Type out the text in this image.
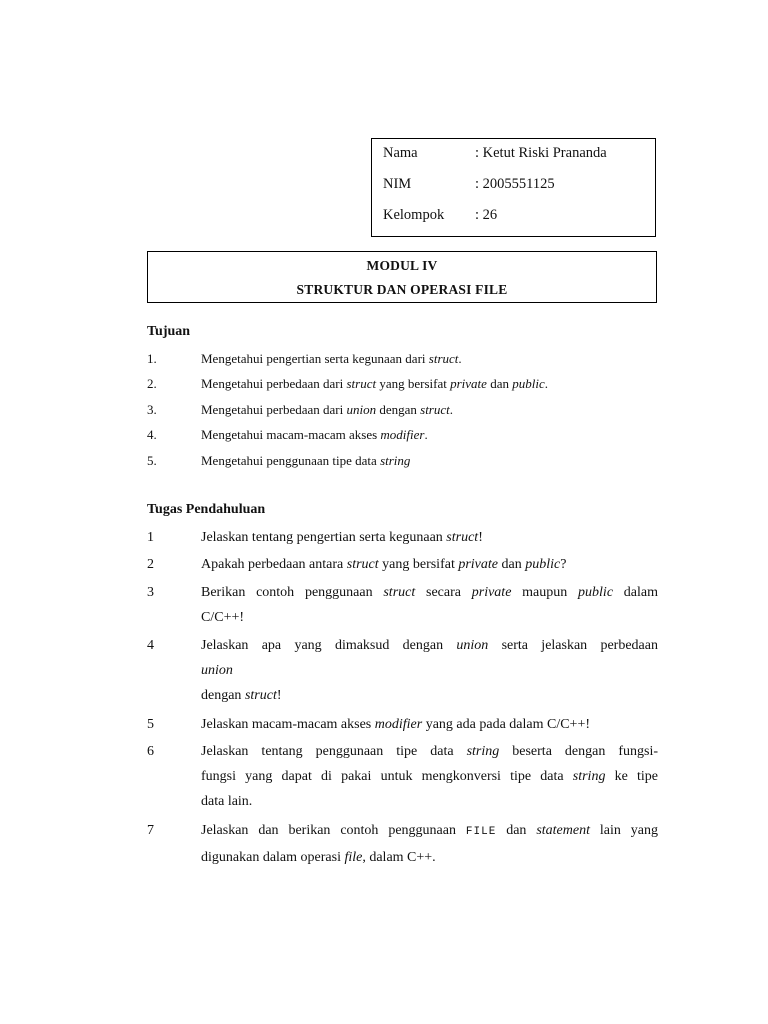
Nama	: Ketut Riski Prananda
NIM	: 2005551125
Kelompok : 26
MODUL IV
STRUKTUR DAN OPERASI FILE
Tujuan
1.	Mengetahui pengertian serta kegunaan dari struct.
2.	Mengetahui perbedaan dari struct yang bersifat private dan public.
3.	Mengetahui perbedaan dari union dengan struct.
4.	Mengetahui macam-macam akses modifier.
5.	Mengetahui penggunaan tipe data string
Tugas Pendahuluan
1	Jelaskan tentang pengertian serta kegunaan struct!
2	Apakah perbedaan antara struct yang bersifat private dan public?
3	Berikan contoh penggunaan struct secara private maupun public dalam
C/C++!
4	Jelaskan apa yang dimaksud dengan union serta jelaskan perbedaan
union
dengan struct!
5	Jelaskan macam-macam akses modifier yang ada pada dalam C/C++!
6	Jelaskan tentang penggunaan tipe data string beserta dengan fungsi-
fungsi yang dapat di pakai untuk mengkonversi tipe data string ke tipe
data lain.
7	Jelaskan dan berikan contoh penggunaan FILE dan statement lain yang
digunakan dalam operasi file, dalam C++.
